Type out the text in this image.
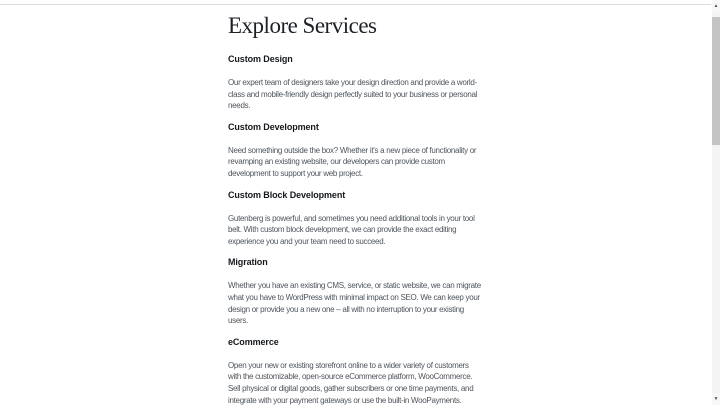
Explore Services
Custom Design

Our expert team of designers take your design direction and provide a world-
class and mobile-friendly design perfectly suited to your business or personal
needs.

Custom Development

Need something outside the box? Whether it's a new piece of functionality or
revamping an existing website, our developers can provide custom
development to support your web project.

Custom Block Development

Gutenberg is powerful, and sometimes you need additional tools in your tool
belt. With custom block development, we can provide the exact editing
experience you and your team need to succeed.

Migration

Whether you have an existing CMS, service, or static website, we can migrate
what you have to WordPress with minimal impact on SEO. We can keep your
design or provide you a new one – all with no interruption to your existing
users.

eCommerce

Open your new or existing storefront online to a wider variety of customers
with the customizable, open-source eCommerce platform, WooCommerce.
Sell physical or digital goods, gather subscribers or one time payments, and
integrate with your payment gateways or use the built-in WooPayments.

▲
▼
